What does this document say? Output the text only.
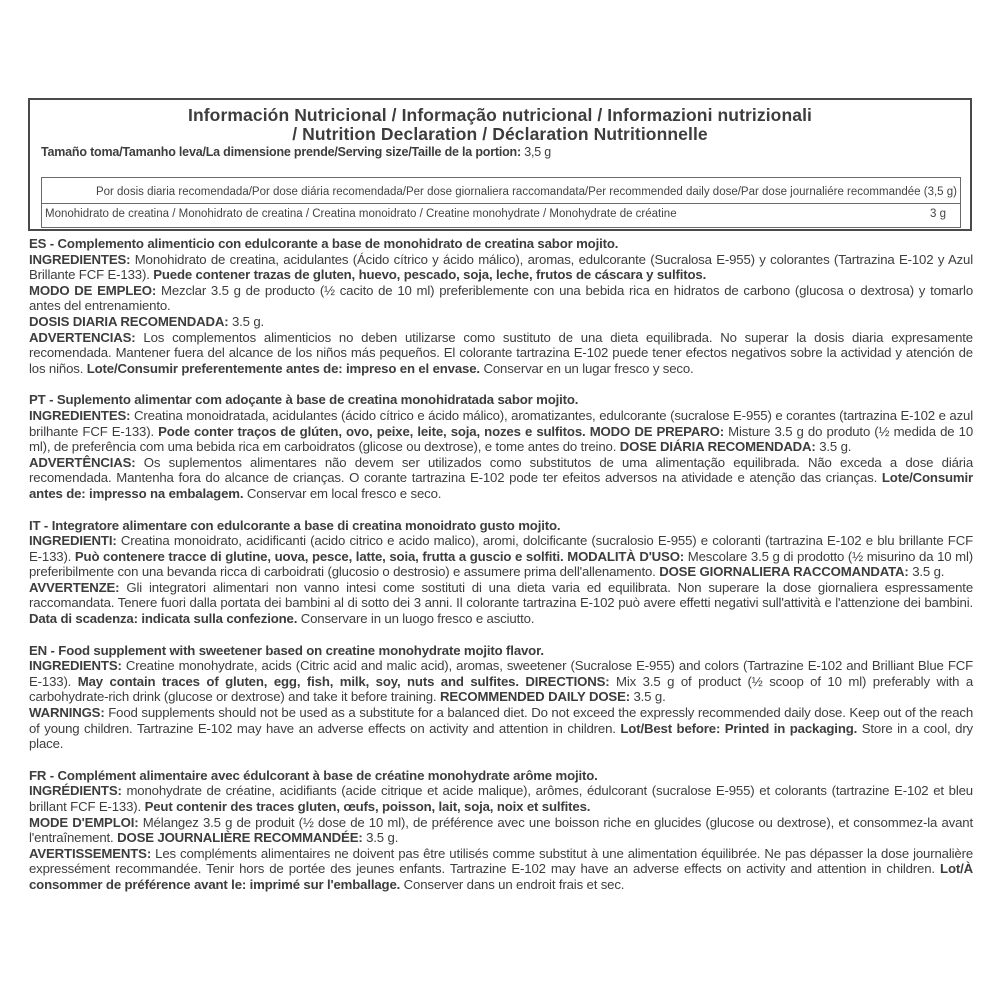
Información Nutricional / Informação nutricional / Informazioni nutrizionali
/ Nutrition Declaration / Déclaration Nutritionnelle
Tamaño toma/Tamanho leva/La dimensione prende/Serving size/Taille de la portion: 3,5 g
Por dosis diaria recomendada/Por dose diária recomendada/Per dose giornaliera raccomandata/Per recommended daily dose/Par dose journaliére recommandée (3,5 g)
Monohidrato de creatina / Monohidrato de creatina / Creatina monoidrato / Creatine monohydrate / Monohydrate de créatine	3 g

ES - Complemento alimenticio con edulcorante a base de monohidrato de creatina sabor mojito.

INGREDIENTES: Monohidrato de creatina, acidulantes (Ácido cítrico y ácido málico), aromas, edulcorante (Sucralosa E-955) y colorantes (Tartrazina E-102 y Azul Brillante FCF E-133). Puede contener trazas de gluten, huevo, pescado, soja, leche, frutos de cáscara y sulfitos.

MODO DE EMPLEO: Mezclar 3.5 g de producto (½ cacito de 10 ml) preferiblemente con una bebida rica en hidratos de carbono (glucosa o dextrosa) y tomarlo antes del entrenamiento.

DOSIS DIARIA RECOMENDADA: 3.5 g.

ADVERTENCIAS: Los complementos alimenticios no deben utilizarse como sustituto de una dieta equilibrada. No superar la dosis diaria expresamente recomendada. Mantener fuera del alcance de los niños más pequeños. El colorante tartrazina E-102 puede tener efectos negativos sobre la actividad y atención de los niños. Lote/Consumir preferentemente antes de: impreso en el envase. Conservar en un lugar fresco y seco.

PT - Suplemento alimentar com adoçante à base de creatina monohidratada sabor mojito.

INGREDIENTES: Creatina monoidratada, acidulantes (ácido cítrico e ácido málico), aromatizantes, edulcorante (sucralose E-955) e corantes (tartrazina E-102 e azul brilhante FCF E-133). Pode conter traços de glúten, ovo, peixe, leite, soja, nozes e sulfitos. MODO DE PREPARO: Misture 3.5 g do produto (½ medida de 10 ml), de preferência com uma bebida rica em carboidratos (glicose ou dextrose), e tome antes do treino. DOSE DIÁRIA RECOMENDADA: 3.5 g.

ADVERTÊNCIAS: Os suplementos alimentares não devem ser utilizados como substitutos de uma alimentação equilibrada. Não exceda a dose diária recomendada. Mantenha fora do alcance de crianças. O corante tartrazina E-102 pode ter efeitos adversos na atividade e atenção das crianças. Lote/Consumir antes de: impresso na embalagem. Conservar em local fresco e seco.

IT - Integratore alimentare con edulcorante a base di creatina monoidrato gusto mojito.

INGREDIENTI: Creatina monoidrato, acidificanti (acido citrico e acido malico), aromi, dolcificante (sucralosio E-955) e coloranti (tartrazina E-102 e blu brillante FCF E-133). Può contenere tracce di glutine, uova, pesce, latte, soia, frutta a guscio e solfiti. MODALITÀ D'USO: Mescolare 3.5 g di prodotto (½ misurino da 10 ml) preferibilmente con una bevanda ricca di carboidrati (glucosio o destrosio) e assumere prima dell'allenamento. DOSE GIORNALIERA RACCOMANDATA: 3.5 g.

AVVERTENZE: Gli integratori alimentari non vanno intesi come sostituti di una dieta varia ed equilibrata. Non superare la dose giornaliera espressamente raccomandata. Tenere fuori dalla portata dei bambini al di sotto dei 3 anni. Il colorante tartrazina E-102 può avere effetti negativi sull'attività e l'attenzione dei bambini. Data di scadenza: indicata sulla confezione. Conservare in un luogo fresco e asciutto.

EN - Food supplement with sweetener based on creatine monohydrate mojito flavor.

INGREDIENTS: Creatine monohydrate, acids (Citric acid and malic acid), aromas, sweetener (Sucralose E-955) and colors (Tartrazine E-102 and Brilliant Blue FCF E-133). May contain traces of gluten, egg, fish, milk, soy, nuts and sulfites. DIRECTIONS: Mix 3.5 g of product (½ scoop of 10 ml) preferably with a carbohydrate-rich drink (glucose or dextrose) and take it before training. RECOMMENDED DAILY DOSE: 3.5 g.

WARNINGS: Food supplements should not be used as a substitute for a balanced diet. Do not exceed the expressly recommended daily dose. Keep out of the reach of young children. Tartrazine E-102 may have an adverse effects on activity and attention in children. Lot/Best before: Printed in packaging. Store in a cool, dry place.

FR - Complément alimentaire avec édulcorant à base de créatine monohydrate arôme mojito.

INGRÉDIENTS: monohydrate de créatine, acidifiants (acide citrique et acide malique), arômes, édulcorant (sucralose E-955) et colorants (tartrazine E-102 et bleu brillant FCF E-133). Peut contenir des traces gluten, œufs, poisson, lait, soja, noix et sulfites.

MODE D'EMPLOI: Mélangez 3.5 g de produit (½ dose de 10 ml), de préférence avec une boisson riche en glucides (glucose ou dextrose), et consommez-la avant l'entraînement. DOSE JOURNALIÈRE RECOMMANDÉE: 3.5 g.

AVERTISSEMENTS: Les compléments alimentaires ne doivent pas être utilisés comme substitut à une alimentation équilibrée. Ne pas dépasser la dose journalière expressément recommandée. Tenir hors de portée des jeunes enfants. Tartrazine E-102 may have an adverse effects on activity and attention in children. Lot/À consommer de préférence avant le: imprimé sur l'emballage. Conserver dans un endroit frais et sec.
